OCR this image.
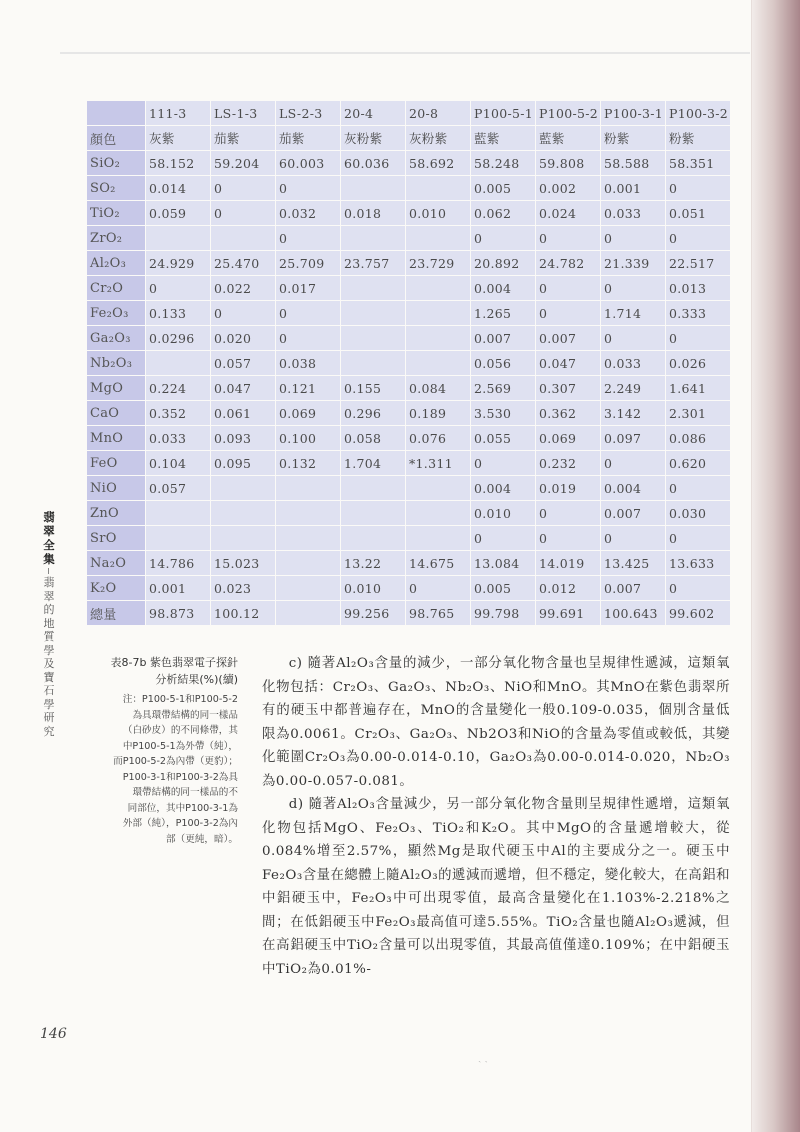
	111-3	LS-1-3	LS-2-3	20-4	20-8	P100-5-1	P100-5-2	P100-3-1	P100-3-2
顏色	灰紫	茄紫	茄紫	灰粉紫	灰粉紫	藍紫	藍紫	粉紫	粉紫
SiO₂	58.152	59.204	60.003	60.036	58.692	58.248	59.808	58.588	58.351
SO₂	0.014	0	0			0.005	0.002	0.001	0
TiO₂	0.059	0	0.032	0.018	0.010	0.062	0.024	0.033	0.051
ZrO₂			0			0	0	0	0
Al₂O₃	24.929	25.470	25.709	23.757	23.729	20.892	24.782	21.339	22.517
Cr₂O	0	0.022	0.017			0.004	0	0	0.013
Fe₂O₃	0.133	0	0			1.265	0	1.714	0.333
Ga₂O₃	0.0296	0.020	0			0.007	0.007	0	0
Nb₂O₃		0.057	0.038			0.056	0.047	0.033	0.026
MgO	0.224	0.047	0.121	0.155	0.084	2.569	0.307	2.249	1.641
CaO	0.352	0.061	0.069	0.296	0.189	3.530	0.362	3.142	2.301
MnO	0.033	0.093	0.100	0.058	0.076	0.055	0.069	0.097	0.086
FeO	0.104	0.095	0.132	1.704	*1.311	0	0.232	0	0.620
NiO	0.057					0.004	0.019	0.004	0
ZnO						0.010	0	0.007	0.030
SrO						0	0	0	0
Na₂O	14.786	15.023		13.22	14.675	13.084	14.019	13.425	13.633
K₂O	0.001	0.023		0.010	0	0.005	0.012	0.007	0
總量	98.873	100.12		99.256	98.765	99.798	99.691	100.643	99.602
翡
翠
全
集
翡
翠
的
地
質
學
及
寶
石
學
研
究
表8-7b 紫色翡翠電子探針
分析結果(%)(續)
注：P100-5-1和P100-5-2
為具環帶結構的同一樣品
（白砂皮）的不同條帶，其
中P100-5-1為外帶（純），
而P100-5-2為內帶（更豹）；
P100-3-1和P100-3-2為具
環帶結構的同一樣品的不
同部位，其中P100-3-1為
外部（純），P100-3-2為內
部（更純，暗）。

c) 隨著Al₂O₃含量的減少，一部分氧化物含量也呈規律性遞減，這類氧化物包括：Cr₂O₃、Ga₂O₃、Nb₂O₃、NiO和MnO。其MnO在紫色翡翠所有的硬玉中都普遍存在，MnO的含量變化一般0.109-0.035，個別含量低限為0.0061。Cr₂O₃、Ga₂O₃、Nb2O3和NiO的含量為零值或較低，其變化範圍Cr₂O₃為0.00-0.014-0.10，Ga₂O₃為0.00-0.014-0.020，Nb₂O₃為0.00-0.057-0.081。

d) 隨著Al₂O₃含量減少，另一部分氧化物含量則呈規律性遞增，這類氧化物包括MgO、Fe₂O₃、TiO₂和K₂O。其中MgO的含量遞增較大，從0.084%增至2.57%，顯然Mg是取代硬玉中Al的主要成分之一。硬玉中Fe₂O₃含量在總體上隨Al₂O₃的遞減而遞增，但不穩定，變化較大，在高鋁和中鋁硬玉中，Fe₂O₃中可出現零值，最高含量變化在1.103%-2.218%之間；在低鋁硬玉中Fe₂O₃最高值可達5.55%。TiO₂含量也隨Al₂O₃遞減，但在高鋁硬玉中TiO₂含量可以出現零值，其最高值僅達0.109%；在中鋁硬玉中TiO₂為0.01%-

146
ˎ ˏ
